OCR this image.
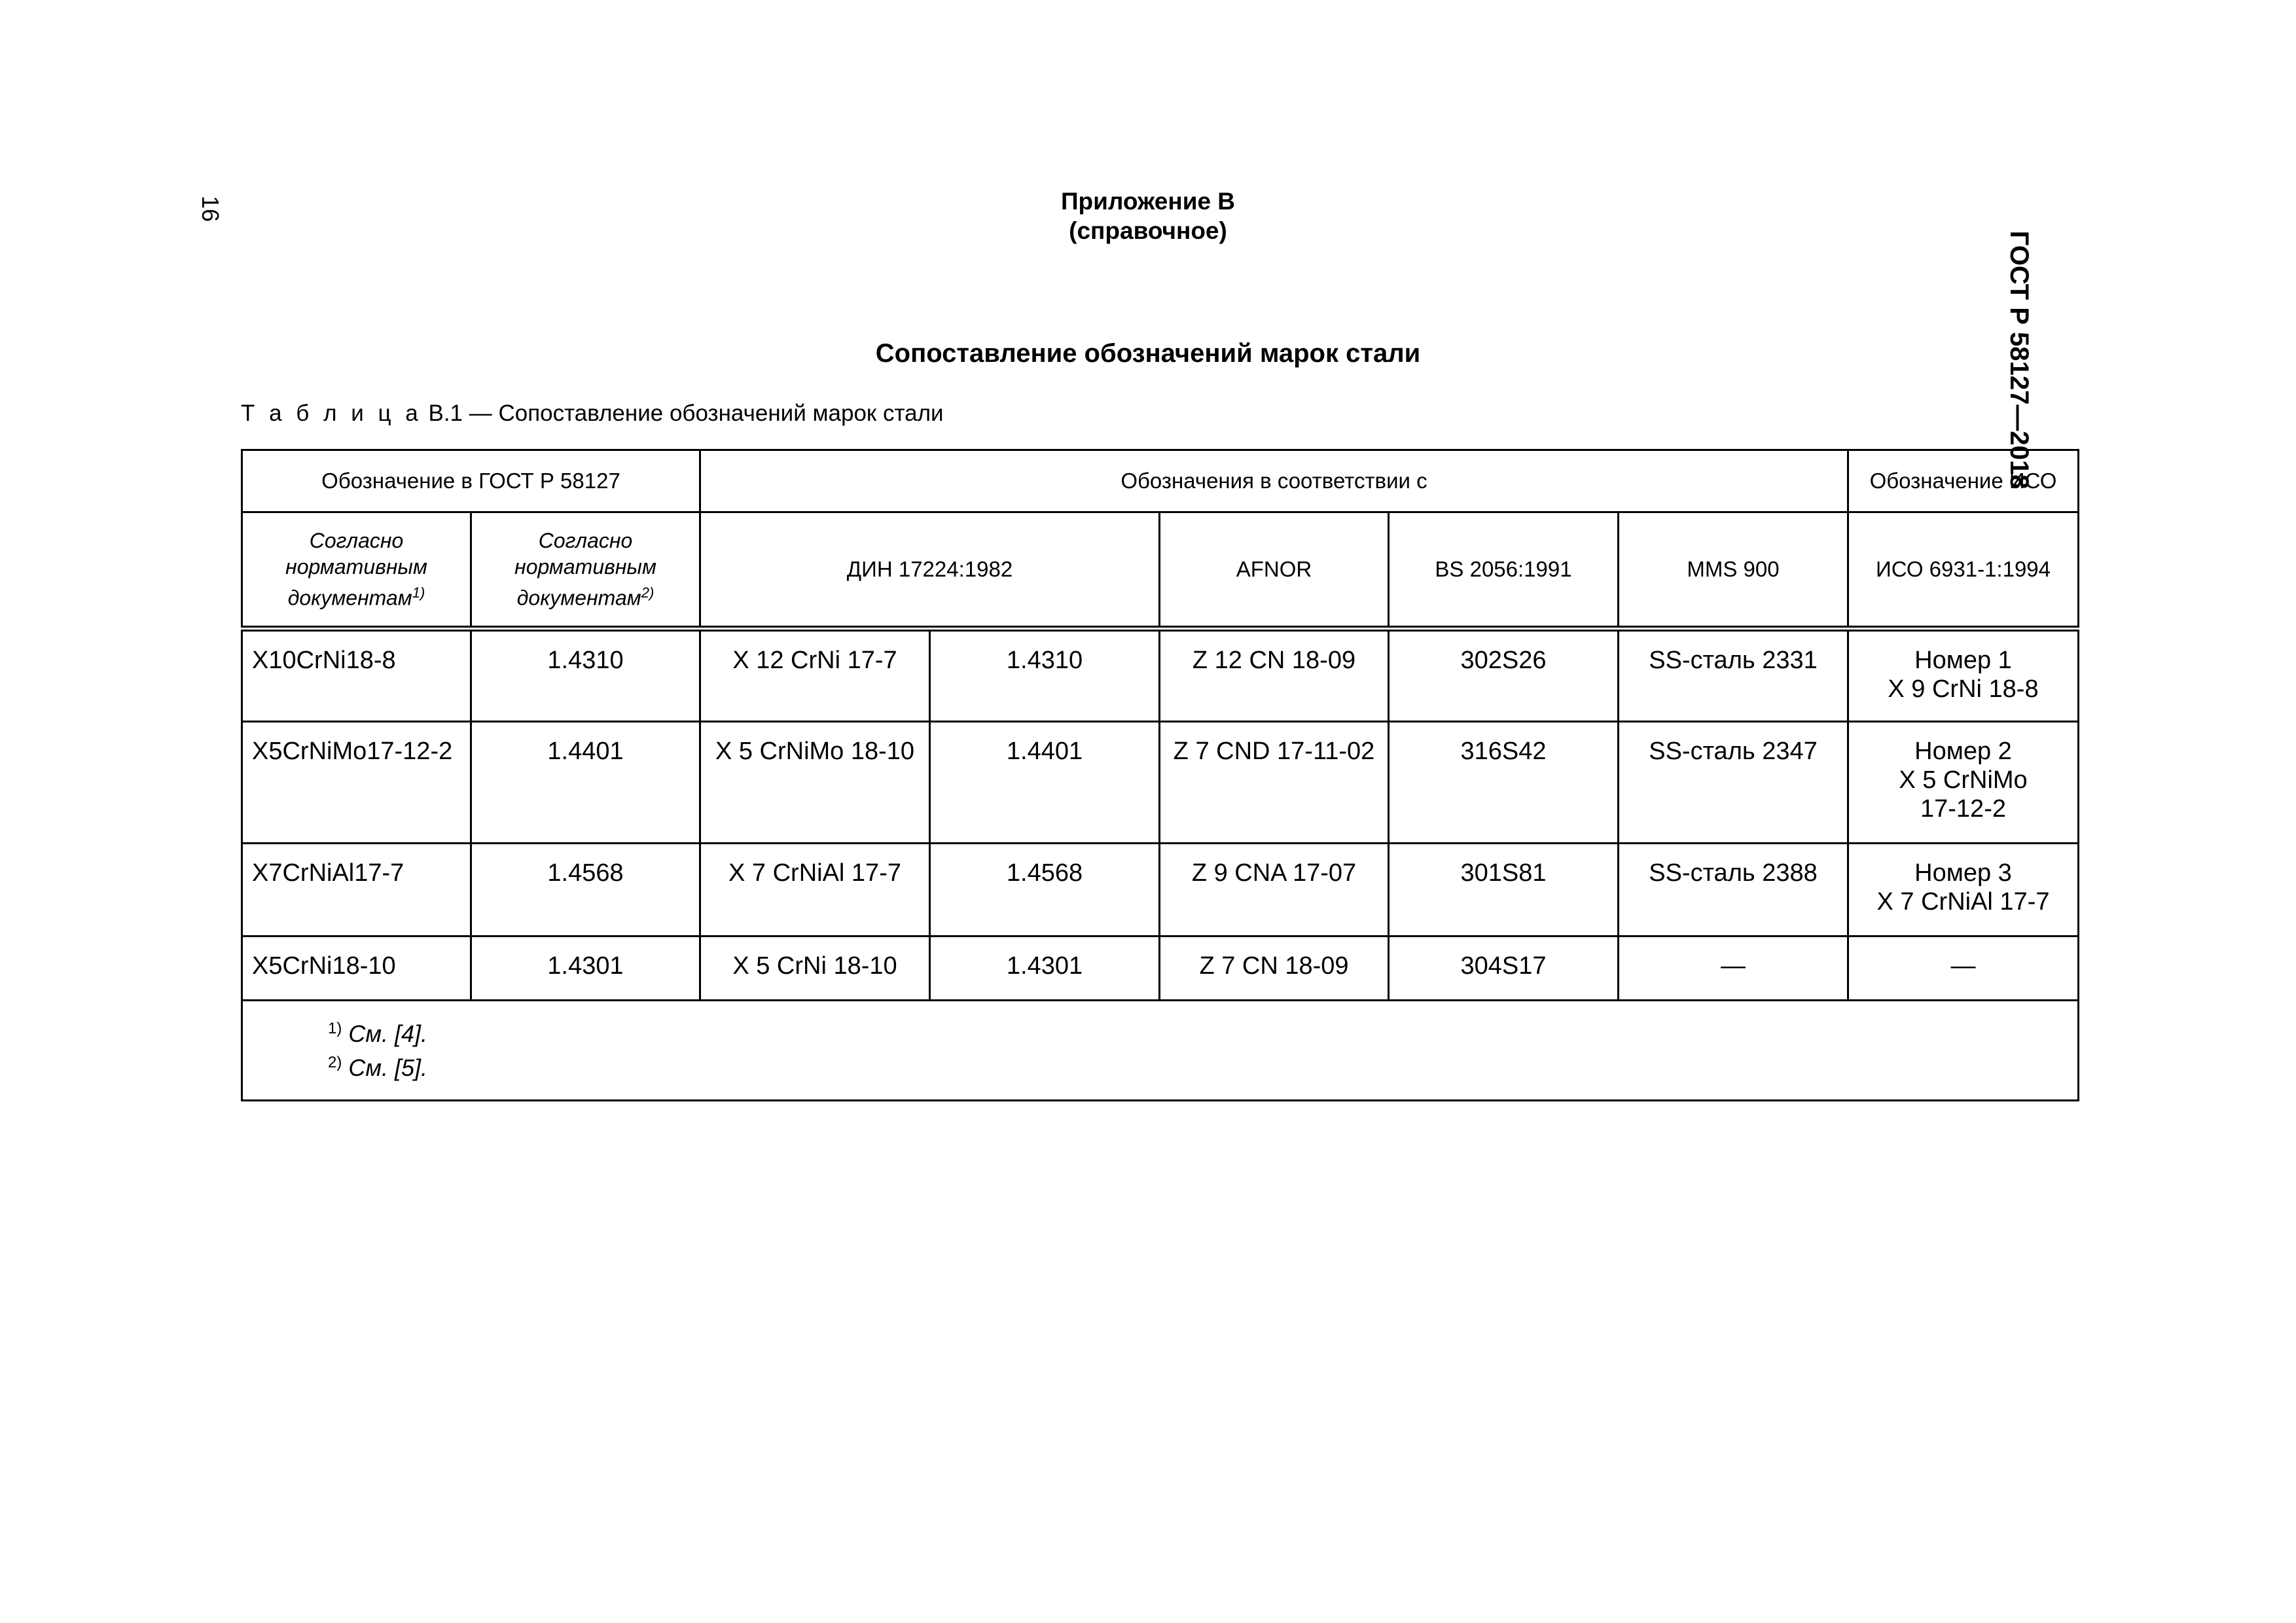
16
ГОСТ Р 58127—2018
Приложение В
(справочное)
Сопоставление обозначений марок стали
Т а б л и ц а В.1 — Сопоставление обозначений марок стали
Обозначение в ГОСТ Р 58127		Обозначения в соответствии с					Обозначение ИСО

Согласно
нормативным
документам$^{1)}$	Согласно
нормативным
документам$^{2)}$	ДИН 17224:1982		AFNOR	BS 2056:1991	MMS 900	ИСО 6931-1:1994
X10CrNi18-8	1.4310	X 12 CrNi 17-7	1.4310	Z 12 CN 18-09	302S26	SS-сталь 2331	Номер 1
X 9 CrNi 18-8

X5CrNiMo17-12-2	1.4401	X 5 CrNiMo 18-10	1.4401	Z 7 CND 17-11-02	316S42	SS-сталь 2347	Номер 2
X 5 CrNiMo
17-12-2

X7CrNiAl17-7	1.4568	X 7 CrNiAl 17-7	1.4568	Z 9 CNA 17-07	301S81	SS-сталь 2388	Номер 3
X 7 CrNiAl 17-7

X5CrNi18-10	1.4301	X 5 CrNi 18-10	1.4301	Z 7 CN 18-09	304S17	—	—

$^{1)}$ См. [4].
$^{2)}$ См. [5].							
